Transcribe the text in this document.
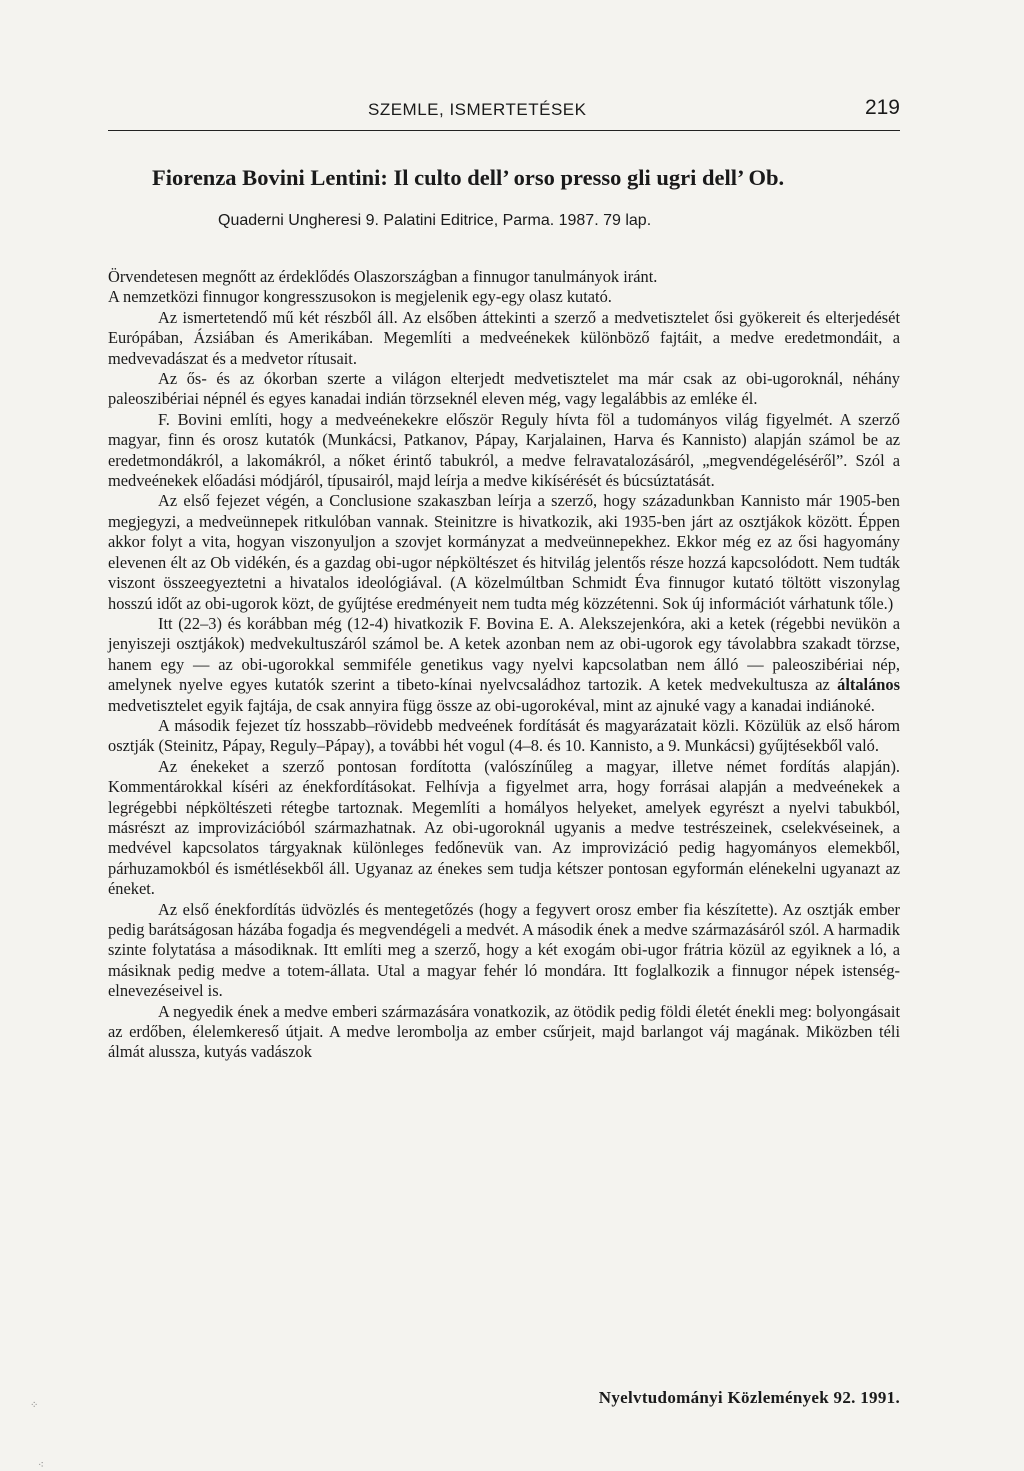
SZEMLE, ISMERTETÉSEK	219
Fiorenza Bovini Lentini: Il culto dell’ orso presso gli ugri dell’ Ob.
Quaderni Ungheresi 9. Palatini Editrice, Parma. 1987. 79 lap.

Örvendetesen megnőtt az érdeklődés Olaszországban a finnugor tanulmányok iránt.

A nemzetközi finnugor kongresszusokon is megjelenik egy-egy olasz kutató.

Az ismertetendő mű két részből áll. Az elsőben áttekinti a szerző a medvetisztelet ősi gyökereit és elterjedését Európában, Ázsiában és Amerikában. Megemlíti a medveénekek különböző fajtáit, a medve eredetmondáit, a medvevadászat és a medvetor rítusait.

Az ős- és az ókorban szerte a világon elterjedt medvetisztelet ma már csak az obi-ugoroknál, néhány paleoszibériai népnél és egyes kanadai indián törzseknél eleven még, vagy legalábbis az emléke él.

F. Bovini említi, hogy a medveénekekre először Reguly hívta föl a tudományos világ figyelmét. A szerző magyar, finn és orosz kutatók (Munkácsi, Patkanov, Pápay, Karjalainen, Harva és Kannisto) alapján számol be az eredetmondákról, a lakomákról, a nőket érintő tabukról, a medve felravatalozásáról, „megvendégeléséről”. Szól a medveénekek előadási módjáról, típusairól, majd leírja a medve kikísérését és búcsúztatását.

Az első fejezet végén, a Conclusione szakaszban leírja a szerző, hogy századunkban Kannisto már 1905-ben megjegyzi, a medveünnepek ritkulóban vannak. Steinitzre is hivatkozik, aki 1935-ben járt az osztjákok között. Éppen akkor folyt a vita, hogyan viszonyuljon a szovjet kormányzat a medveünnepekhez. Ekkor még ez az ősi hagyomány elevenen élt az Ob vidékén, és a gazdag obi-ugor népköltészet és hitvilág jelentős része hozzá kapcsolódott. Nem tudták viszont összeegyeztetni a hivatalos ideológiával. (A közelmúltban Schmidt Éva finnugor kutató töltött viszonylag hosszú időt az obi-ugorok közt, de gyűjtése eredményeit nem tudta még közzétenni. Sok új információt várhatunk tőle.)

Itt (22–3) és korábban még (12-4) hivatkozik F. Bovina E. A. Alekszejenkóra, aki a ketek (régebbi nevükön a jenyiszeji osztjákok) medvekultuszáról számol be. A ketek azonban nem az obi-ugorok egy távolabbra szakadt törzse, hanem egy — az obi-ugorokkal semmiféle genetikus vagy nyelvi kapcsolatban nem álló — paleoszibériai nép, amelynek nyelve egyes kutatók szerint a tibeto-kínai nyelvcsaládhoz tartozik. A ketek medvekultusza az általános medvetisztelet egyik fajtája, de csak annyira függ össze az obi-ugorokéval, mint az ajnuké vagy a kanadai indiánoké.

A második fejezet tíz hosszabb–rövidebb medveének fordítását és magyarázatait közli. Közülük az első három osztják (Steinitz, Pápay, Reguly–Pápay), a további hét vogul (4–8. és 10. Kannisto, a 9. Munkácsi) gyűjtésekből való.

Az énekeket a szerző pontosan fordította (valószínűleg a magyar, illetve német fordítás alapján). Kommentárokkal kíséri az énekfordításokat. Felhívja a figyelmet arra, hogy forrásai alapján a medveénekek a legrégebbi népköltészeti rétegbe tartoznak. Megemlíti a homályos helyeket, amelyek egyrészt a nyelvi tabukból, másrészt az improvizációból származhatnak. Az obi-ugoroknál ugyanis a medve testrészeinek, cselekvéseinek, a medvével kapcsolatos tárgyaknak különleges fedőnevük van. Az improvizáció pedig hagyományos elemekből, párhuzamokból és ismétlésekből áll. Ugyanaz az énekes sem tudja kétszer pontosan egyformán elénekelni ugyanazt az éneket.

Az első énekfordítás üdvözlés és mentegetőzés (hogy a fegyvert orosz ember fia készítette). Az osztják ember pedig barátságosan házába fogadja és megvendégeli a medvét. A második ének a medve származásáról szól. A harmadik szinte folytatása a másodiknak. Itt említi meg a szerző, hogy a két exogám obi-ugor frátria közül az egyiknek a ló, a másiknak pedig medve a totem-állata. Utal a magyar fehér ló mondára. Itt foglalkozik a finnugor népek istenség-elnevezéseivel is.

A negyedik ének a medve emberi származására vonatkozik, az ötödik pedig földi életét énekli meg: bolyongásait az erdőben, élelemkereső útjait. A medve lerombolja az ember csűrjeit, majd barlangot váj magának. Miközben téli álmát alussza, kutyás vadászok

Nyelvtudományi Közlemények 92. 1991.
⁘
⁖
